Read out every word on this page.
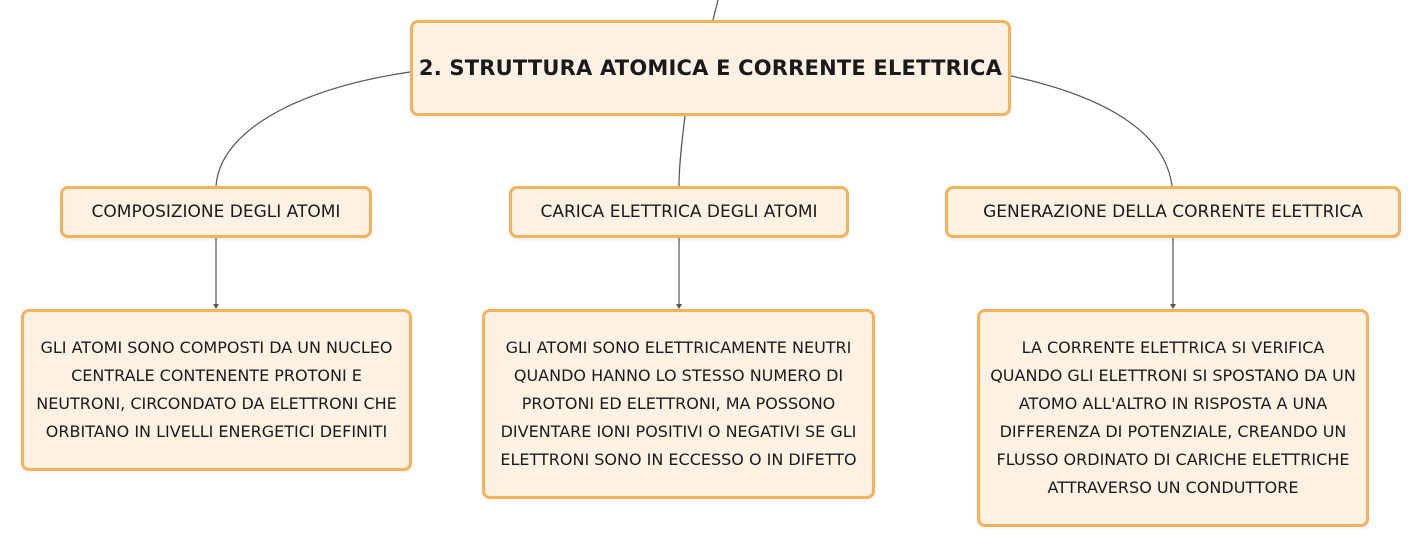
2. STRUTTURA ATOMICA E CORRENTE ELETTRICA
COMPOSIZIONE DEGLI ATOMI	CARICA ELETTRICA DEGLI ATOMI	GENERAZIONE DELLA CORRENTE ELETTRICA
GLI ATOMI SONO COMPOSTI DA UN NUCLEO CENTRALE CONTENENTE PROTONI E NEUTRONI, CIRCONDATO DA ELETTRONI CHE ORBITANO IN LIVELLI ENERGETICI DEFINITI
GLI ATOMI SONO ELETTRICAMENTE NEUTRI QUANDO HANNO LO STESSO NUMERO DI PROTONI ED ELETTRONI, MA POSSONO DIVENTARE IONI POSITIVI O NEGATIVI SE GLI ELETTRONI SONO IN ECCESSO O IN DIFETTO
LA CORRENTE ELETTRICA SI VERIFICA QUANDO GLI ELETTRONI SI SPOSTANO DA UN ATOMO ALL'ALTRO IN RISPOSTA A UNA DIFFERENZA DI POTENZIALE, CREANDO UN FLUSSO ORDINATO DI CARICHE ELETTRICHE ATTRAVERSO UN CONDUTTORE
